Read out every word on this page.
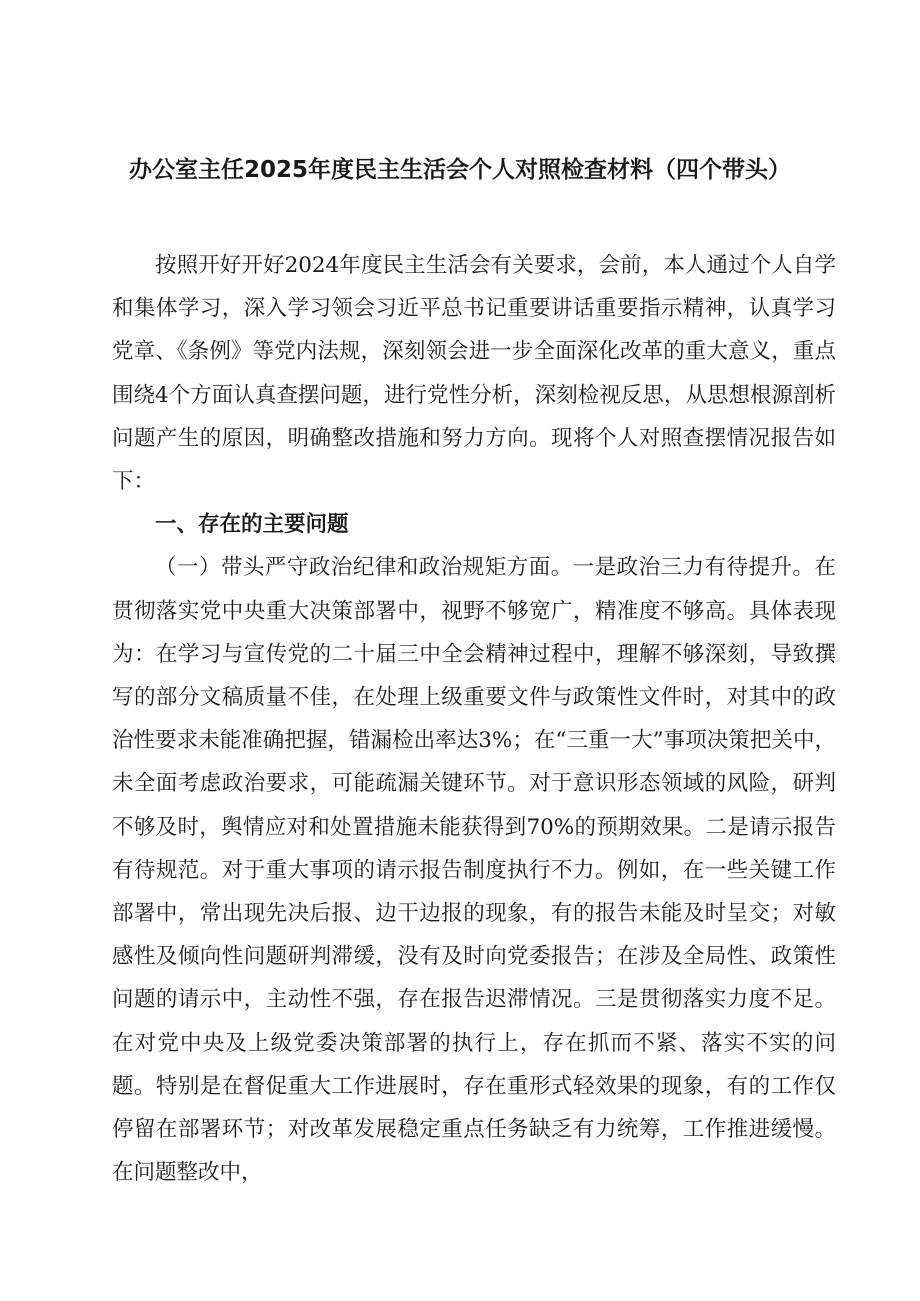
办公室主任2025年度民主生活会个人对照检查材料（四个带头）

按照开好开好2024年度民主生活会有关要求，会前，本人通过个人自学和集体学习，深入学习领会习近平总书记重要讲话重要指示精神，认真学习党章、《条例》等党内法规，深刻领会进一步全面深化改革的重大意义，重点围绕4个方面认真查摆问题，进行党性分析，深刻检视反思，从思想根源剖析问题产生的原因，明确整改措施和努力方向。现将个人对照查摆情况报告如下：

一、存在的主要问题

（一）带头严守政治纪律和政治规矩方面。一是政治三力有待提升。在贯彻落实党中央重大决策部署中，视野不够宽广，精准度不够高。具体表现为：在学习与宣传党的二十届三中全会精神过程中，理解不够深刻，导致撰写的部分文稿质量不佳，在处理上级重要文件与政策性文件时，对其中的政治性要求未能准确把握，错漏检出率达3%；在“三重一大”事项决策把关中，未全面考虑政治要求，可能疏漏关键环节。对于意识形态领域的风险，研判不够及时，舆情应对和处置措施未能获得到70%的预期效果。二是请示报告有待规范。对于重大事项的请示报告制度执行不力。例如，在一些关键工作部署中，常出现先决后报、边干边报的现象，有的报告未能及时呈交；对敏感性及倾向性问题研判滞缓，没有及时向党委报告；在涉及全局性、政策性问题的请示中，主动性不强，存在报告迟滞情况。三是贯彻落实力度不足。在对党中央及上级党委决策部署的执行上，存在抓而不紧、落实不实的问题。特别是在督促重大工作进展时，存在重形式轻效果的现象，有的工作仅停留在部署环节；对改革发展稳定重点任务缺乏有力统筹，工作推进缓慢。在问题整改中，
